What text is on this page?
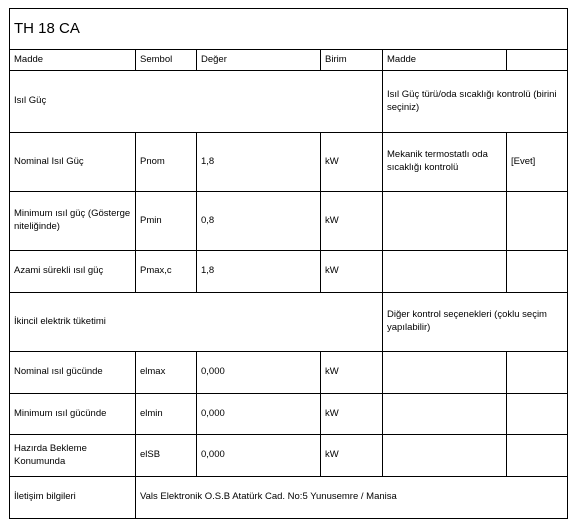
TH 18 CA					
Madde	Sembol	Değer	Birim	Madde	
Isıl Güç				Isıl Güç türü/oda sıcaklığı kontrolü (birini seçiniz)	
Nominal Isıl Güç	Pnom	1,8	kW	Mekanik termostatlı oda sıcaklığı kontrolü	[Evet]
Minimum ısıl güç (Gösterge niteliğinde)	Pmin	0,8	kW		
Azami sürekli ısıl güç	Pmax,c	1,8	kW		
İkincil elektrik tüketimi				Diğer kontrol seçenekleri (çoklu seçim yapılabilir)	
Nominal ısıl gücünde	elmax	0,000	kW		
Minimum ısıl gücünde	elmin	0,000	kW		
Hazırda Bekleme Konumunda	elSB	0,000	kW		
İletişim bilgileri	Vals Elektronik O.S.B Atatürk Cad. No:5 Yunusemre / Manisa				
